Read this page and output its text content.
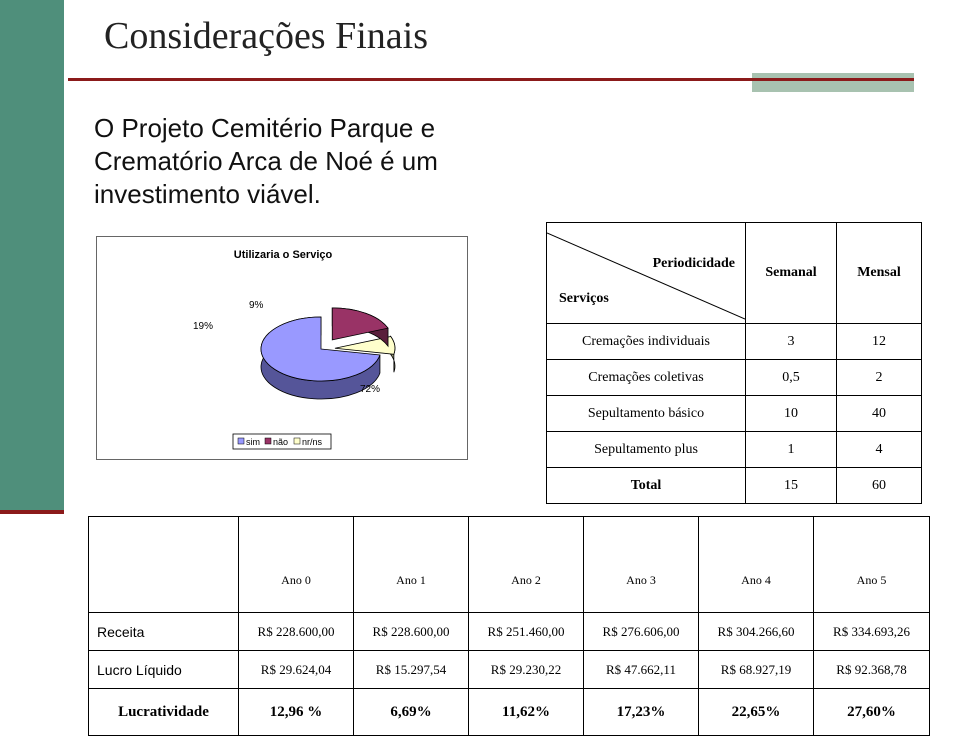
Considerações Finais
O Projeto Cemitério Parque e Crematório Arca de Noé é um investimento viável.
Utilizaria o Serviço
72%
19%
9%
sim não nr/ns
Periodicidade
Serviços	Semanal	Mensal
Cremações individuais	3	12
Cremações coletivas	0,5	2
Sepultamento básico	10	40
Sepultamento plus	1	4
Total	15	60

	Ano 0	Ano 1	Ano 2	Ano 3	Ano 4	Ano 5

Receita	R$ 228.600,00	R$ 228.600,00	R$ 251.460,00	R$ 276.606,00	R$ 304.266,60	R$ 334.693,26
Lucro Líquido	R$ 29.624,04	R$ 15.297,54	R$ 29.230,22	R$ 47.662,11	R$ 68.927,19	R$ 92.368,78
Lucratividade	12,96 %	6,69%	11,62%	17,23%	22,65%	27,60%
